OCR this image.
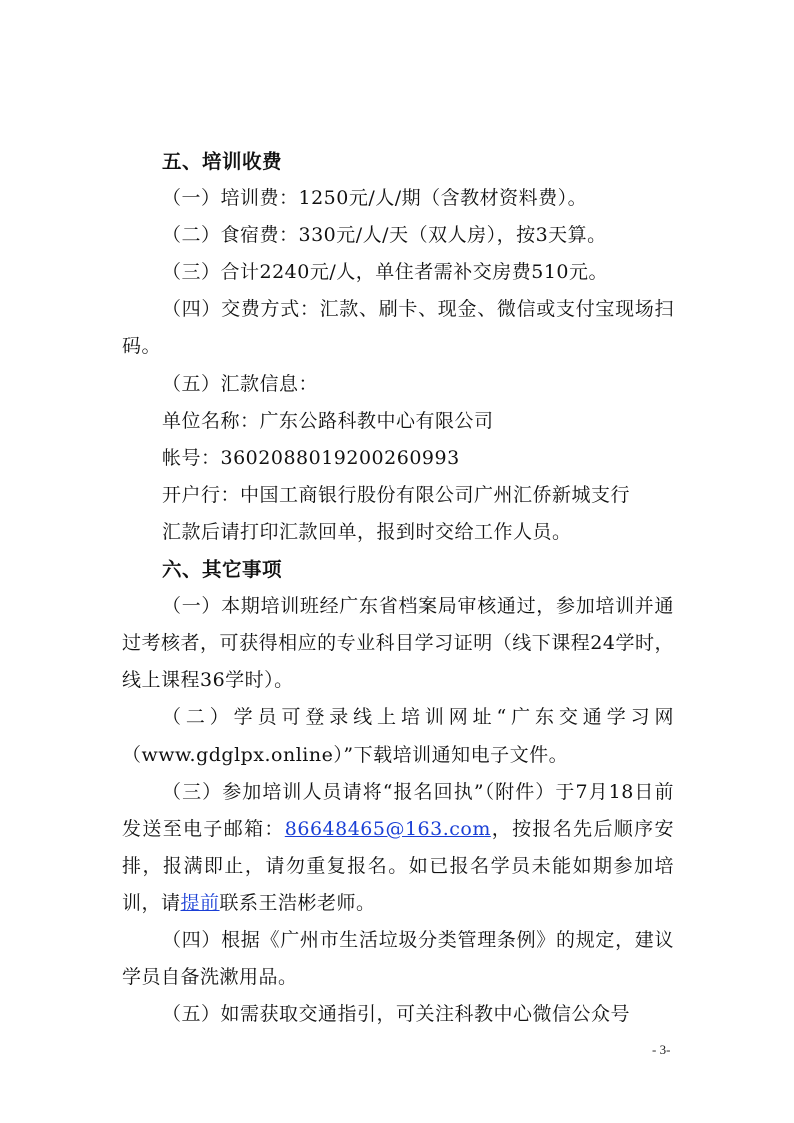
五、培训收费

（一）培训费：1250元/人/期（含教材资料费）。

（二）食宿费：330元/人/天（双人房），按3天算。

（三）合计2240元/人，单住者需补交房费510元。

（四）交费方式：汇款、刷卡、现金、微信或支付宝现场扫码。

（五）汇款信息：

单位名称：广东公路科教中心有限公司

帐号：3602088019200260993

开户行：中国工商银行股份有限公司广州汇侨新城支行

汇款后请打印汇款回单，报到时交给工作人员。

六、其它事项

（一）本期培训班经广东省档案局审核通过，参加培训并通过考核者，可获得相应的专业科目学习证明（线下课程24学时，线上课程36学时）。

（二）学员可登录线上培训网址“广东交通学习网（www.gdglpx.online）”下载培训通知电子文件。

（三）参加培训人员请将“报名回执”（附件）于7月18日前发送至电子邮箱：86648465@163.com，按报名先后顺序安排，报满即止，请勿重复报名。如已报名学员未能如期参加培训，请提前联系王浩彬老师。

（四）根据《广州市生活垃圾分类管理条例》的规定，建议学员自备洗漱用品。

（五）如需获取交通指引，可关注科教中心微信公众号

- 3-
